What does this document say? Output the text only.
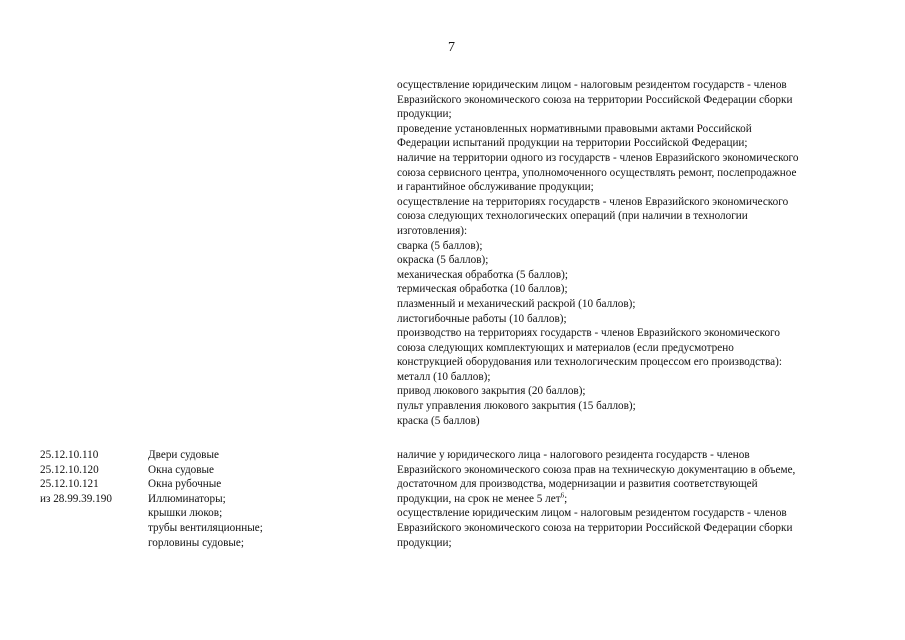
7
осуществление юридическим лицом - налоговым резидентом государств - членов
Евразийского экономического союза на территории Российской Федерации сборки
продукции;
проведение установленных нормативными правовыми актами Российской
Федерации испытаний продукции на территории Российской Федерации;
наличие на территории одного из государств - членов Евразийского экономического
союза сервисного центра, уполномоченного осуществлять ремонт, послепродажное
и гарантийное обслуживание продукции;
осуществление на территориях государств - членов Евразийского экономического
союза следующих технологических операций (при наличии в технологии
изготовления):
сварка (5 баллов);
окраска (5 баллов);
механическая обработка (5 баллов);
термическая обработка (10 баллов);
плазменный и механический раскрой (10 баллов);
листогибочные работы (10 баллов);
производство на территориях государств - членов Евразийского экономического
союза следующих комплектующих и материалов (если предусмотрено
конструкцией оборудования или технологическим процессом его производства):
металл (10 баллов);
привод люкового закрытия (20 баллов);
пульт управления люкового закрытия (15 баллов);
краска (5 баллов)
25.12.10.110
25.12.10.120
25.12.10.121
из 28.99.39.190
Двери судовые
Окна судовые
Окна рубочные
Иллюминаторы;
крышки люков;
трубы вентиляционные;
горловины судовые;
наличие у юридического лица - налогового резидента государств - членов
Евразийского экономического союза прав на техническую документацию в объеме,
достаточном для производства, модернизации и развития соответствующей
продукции, на срок не менее 5 лет$^6$;
осуществление юридическим лицом - налоговым резидентом государств - членов
Евразийского экономического союза на территории Российской Федерации сборки
продукции;
